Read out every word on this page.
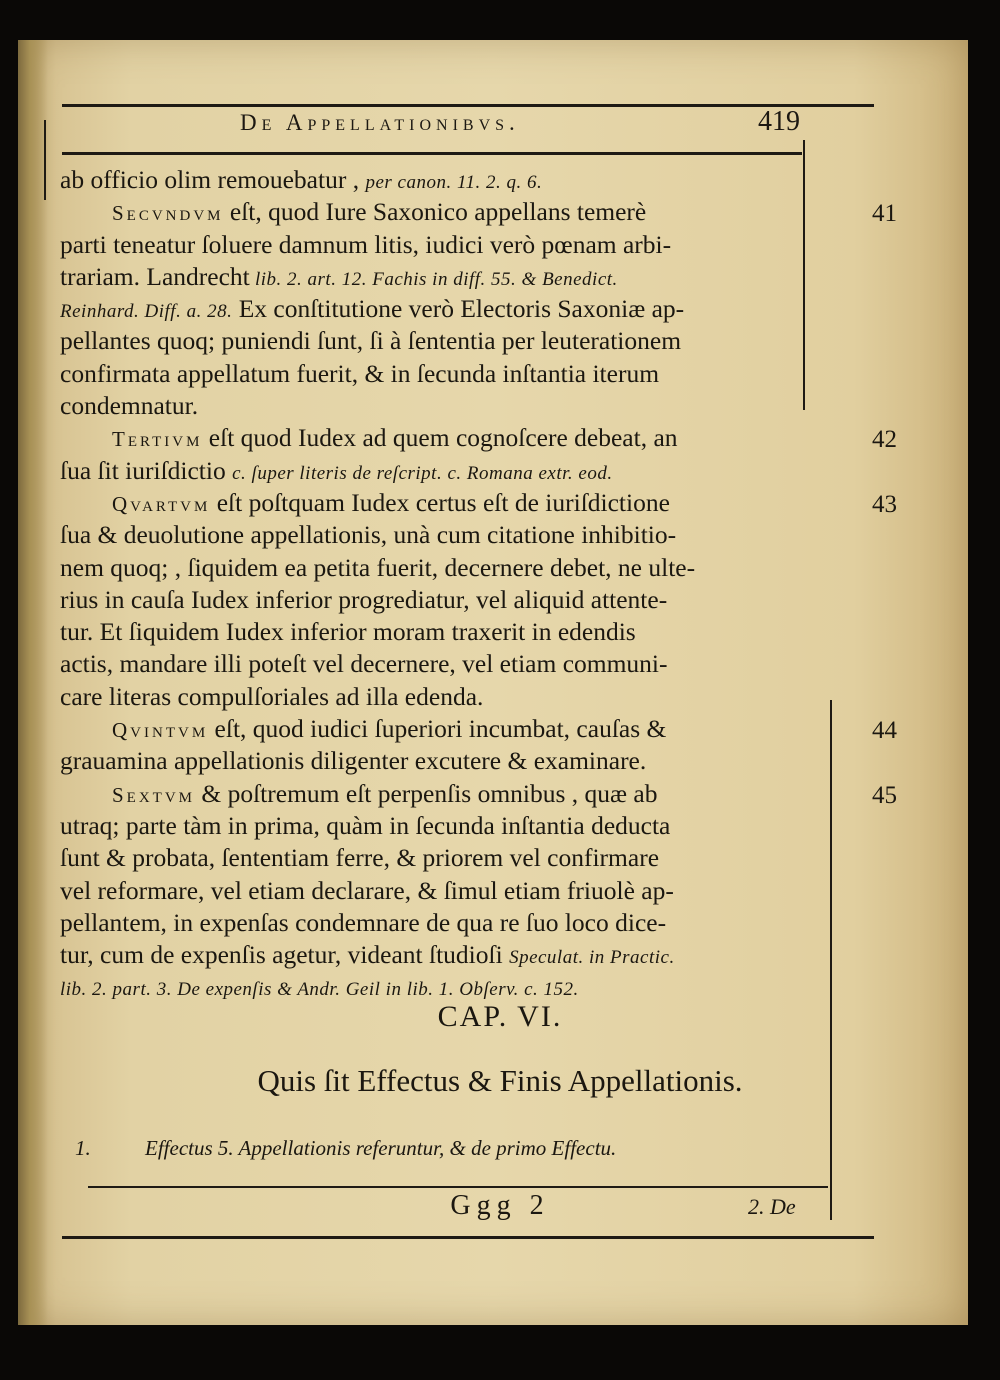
De Appellationibvs.	419
ab officio olim remouebatur , per canon. 11. 2. q. 6.
Secvndvm eſt, quod Iure Saxonico appellans temerè
parti teneatur ſoluere damnum litis, iudici verò pœnam arbi-
trariam. Landrecht lib. 2. art. 12. Fachis in diff. 55. & Benedict.
Reinhard. Diff. a. 28. Ex conſtitutione verò Electoris Saxoniæ ap-
pellantes quoq; puniendi ſunt, ſi à ſententia per leuterationem
confirmata appellatum fuerit, & in ſecunda inſtantia iterum
condemnatur.
Tertivm eſt quod Iudex ad quem cognoſcere debeat, an
ſua ſit iuriſdictio c. ſuper literis de reſcript. c. Romana extr. eod.
Qvartvm eſt poſtquam Iudex certus eſt de iuriſdictione
ſua & deuolutione appellationis, unà cum citatione inhibitio-
nem quoq; , ſiquidem ea petita fuerit, decernere debet, ne ulte-
rius in cauſa Iudex inferior progrediatur, vel aliquid attente-
tur. Et ſiquidem Iudex inferior moram traxerit in edendis
actis, mandare illi poteſt vel decernere, vel etiam communi-
care literas compulſoriales ad illa edenda.
Qvintvm eſt, quod iudici ſuperiori incumbat, cauſas &
grauamina appellationis diligenter excutere & examinare.
Sextvm & poſtremum eſt perpenſis omnibus , quæ ab
utraq; parte tàm in prima, quàm in ſecunda inſtantia deducta
ſunt & probata, ſententiam ferre, & priorem vel confirmare
vel reformare, vel etiam declarare, & ſimul etiam friuolè ap-
pellantem, in expenſas condemnare de qua re ſuo loco dice-
tur, cum de expenſis agetur, videant ſtudioſi Speculat. in Practic.
lib. 2. part. 3. De expenſis & Andr. Geil in lib. 1. Obſerv. c. 152.
41
42
43
44
45
CAP. VI.
Quis ſit Effectus & Finis Appellationis.
1.	Effectus 5. Appellationis referuntur, & de primo Effectu.
Ggg 2	2. De
